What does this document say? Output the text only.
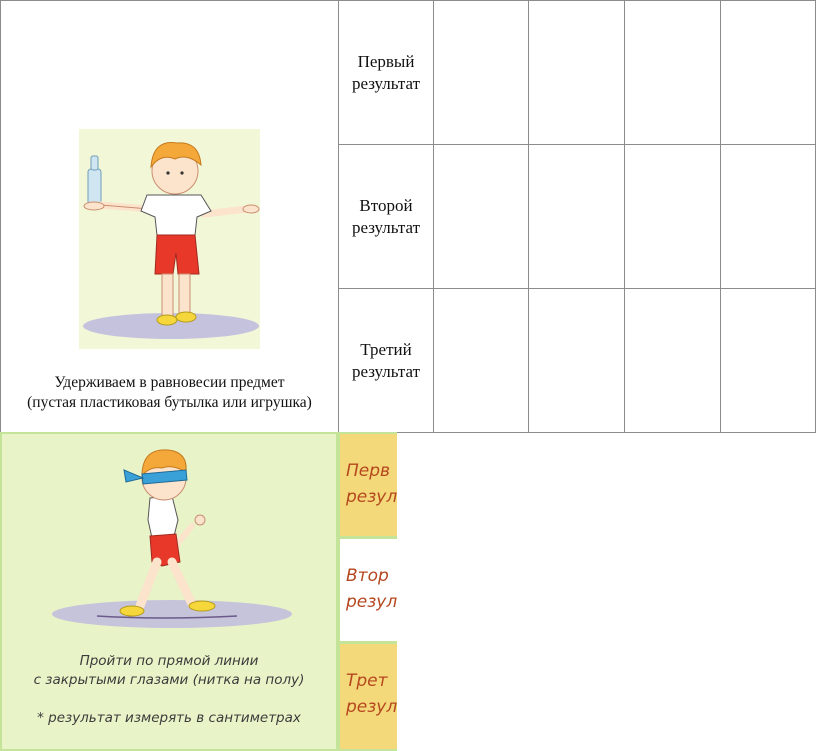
Удерживаем в равновесии предмет
(пустая пластиковая бутылка или игрушка)	Первый
результат				

	Второй
результат				

	Третий
результат				

Пройти по прямой линии
с закрытыми глазами (нитка на полу)
* результат измерять в сантиметрах
Перв
резул
Втор
резул
Трет
резул
